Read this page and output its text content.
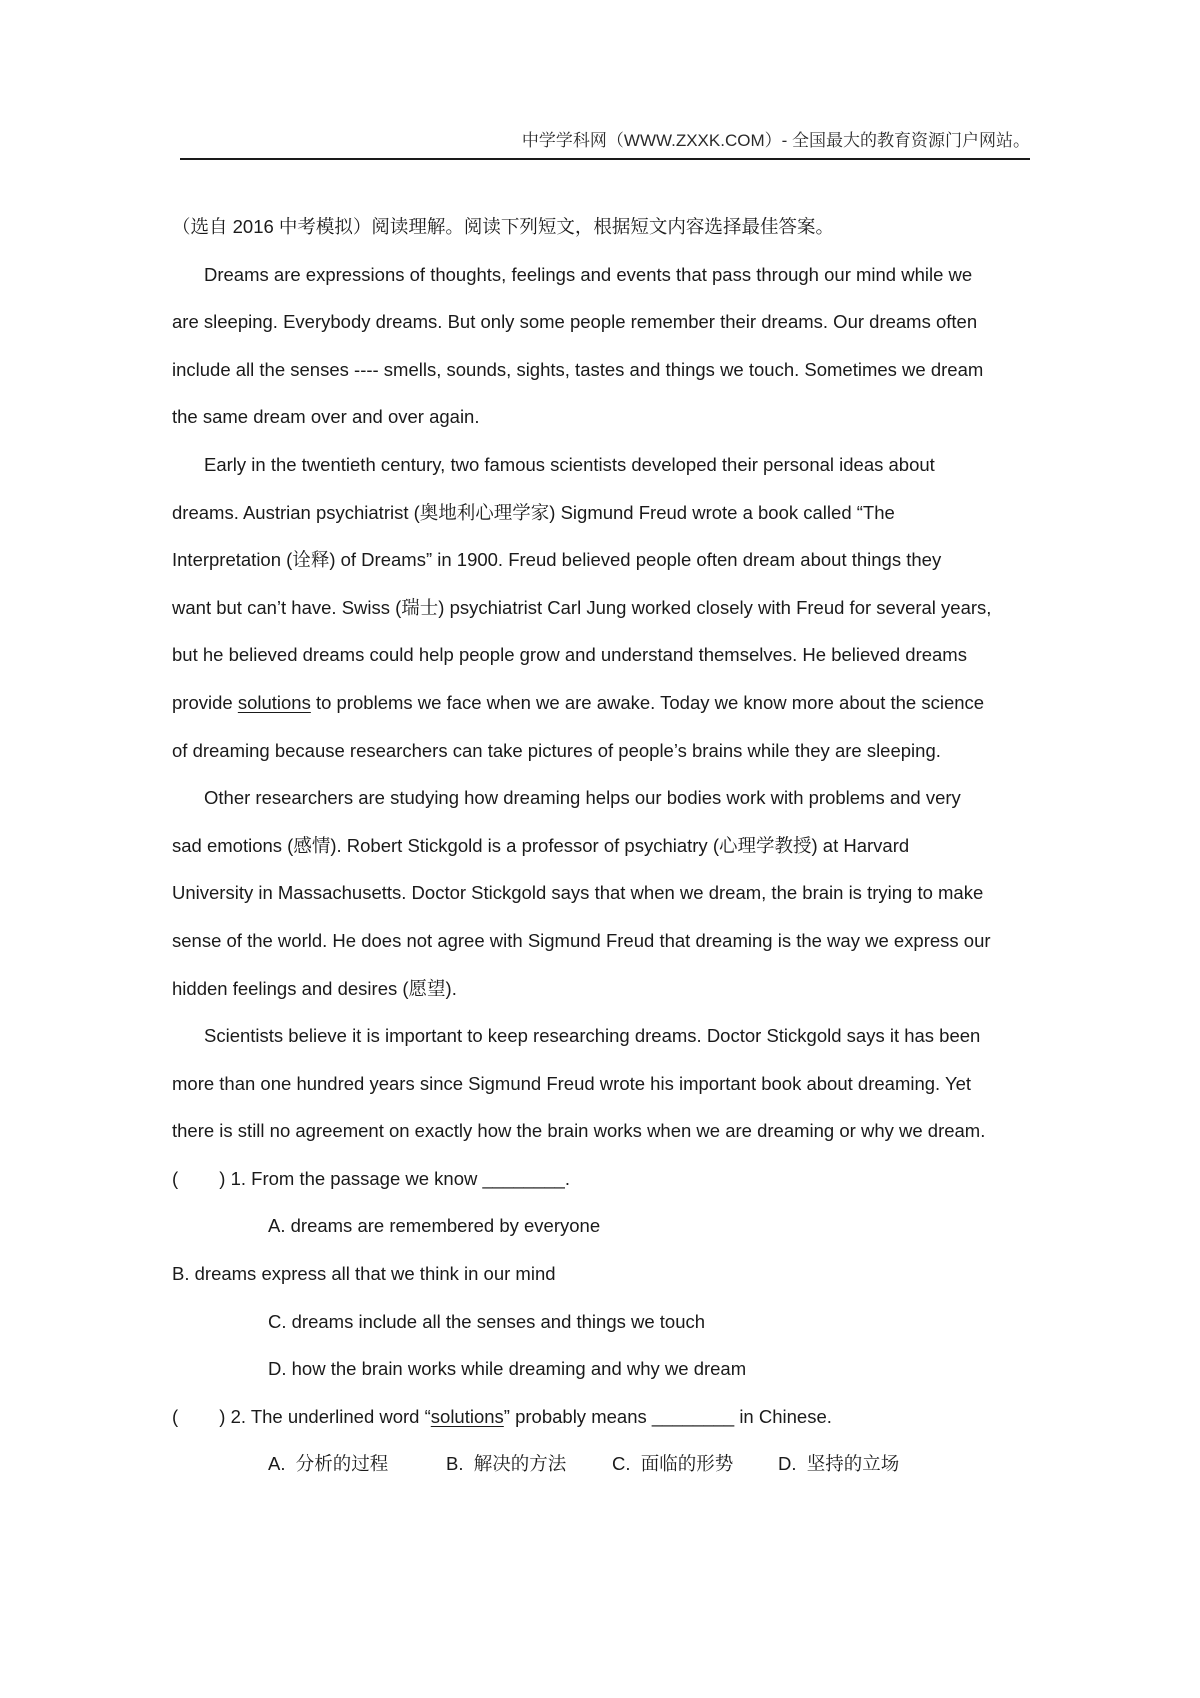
中学学科网（WWW.ZXXK.COM）- 全国最大的教育资源门户网站。
（选自 2016 中考模拟）阅读理解。阅读下列短文，根据短文内容选择最佳答案。
Dreams are expressions of thoughts, feelings and events that pass through our mind while we
are sleeping. Everybody dreams. But only some people remember their dreams. Our dreams often
include all the senses ---- smells, sounds, sights, tastes and things we touch. Sometimes we dream
the same dream over and over again.
Early in the twentieth century, two famous scientists developed their personal ideas about
dreams. Austrian psychiatrist (奥地利心理学家) Sigmund Freud wrote a book called “The
Interpretation (诠释) of Dreams” in 1900. Freud believed people often dream about things they
want but can’t have. Swiss (瑞士) psychiatrist Carl Jung worked closely with Freud for several years,
but he believed dreams could help people grow and understand themselves. He believed dreams
provide solutions to problems we face when we are awake. Today we know more about the science
of dreaming because researchers can take pictures of people’s brains while they are sleeping.
Other researchers are studying how dreaming helps our bodies work with problems and very
sad emotions (感情). Robert Stickgold is a professor of psychiatry (心理学教授) at Harvard
University in Massachusetts. Doctor Stickgold says that when we dream, the brain is trying to make
sense of the world. He does not agree with Sigmund Freud that dreaming is the way we express our
hidden feelings and desires (愿望).
Scientists believe it is important to keep researching dreams. Doctor Stickgold says it has been
more than one hundred years since Sigmund Freud wrote his important book about dreaming. Yet
there is still no agreement on exactly how the brain works when we are dreaming or why we dream.
(        ) 1. From the passage we know ________.
A. dreams are remembered by everyone
B. dreams express all that we think in our mind
C. dreams include all the senses and things we touch
D. how the brain works while dreaming and why we dream
(        ) 2. The underlined word “solutions” probably means ________ in Chinese.
A.  分析的过程	B.  解决的方法 C.  面临的形势 D.  坚持的立场
